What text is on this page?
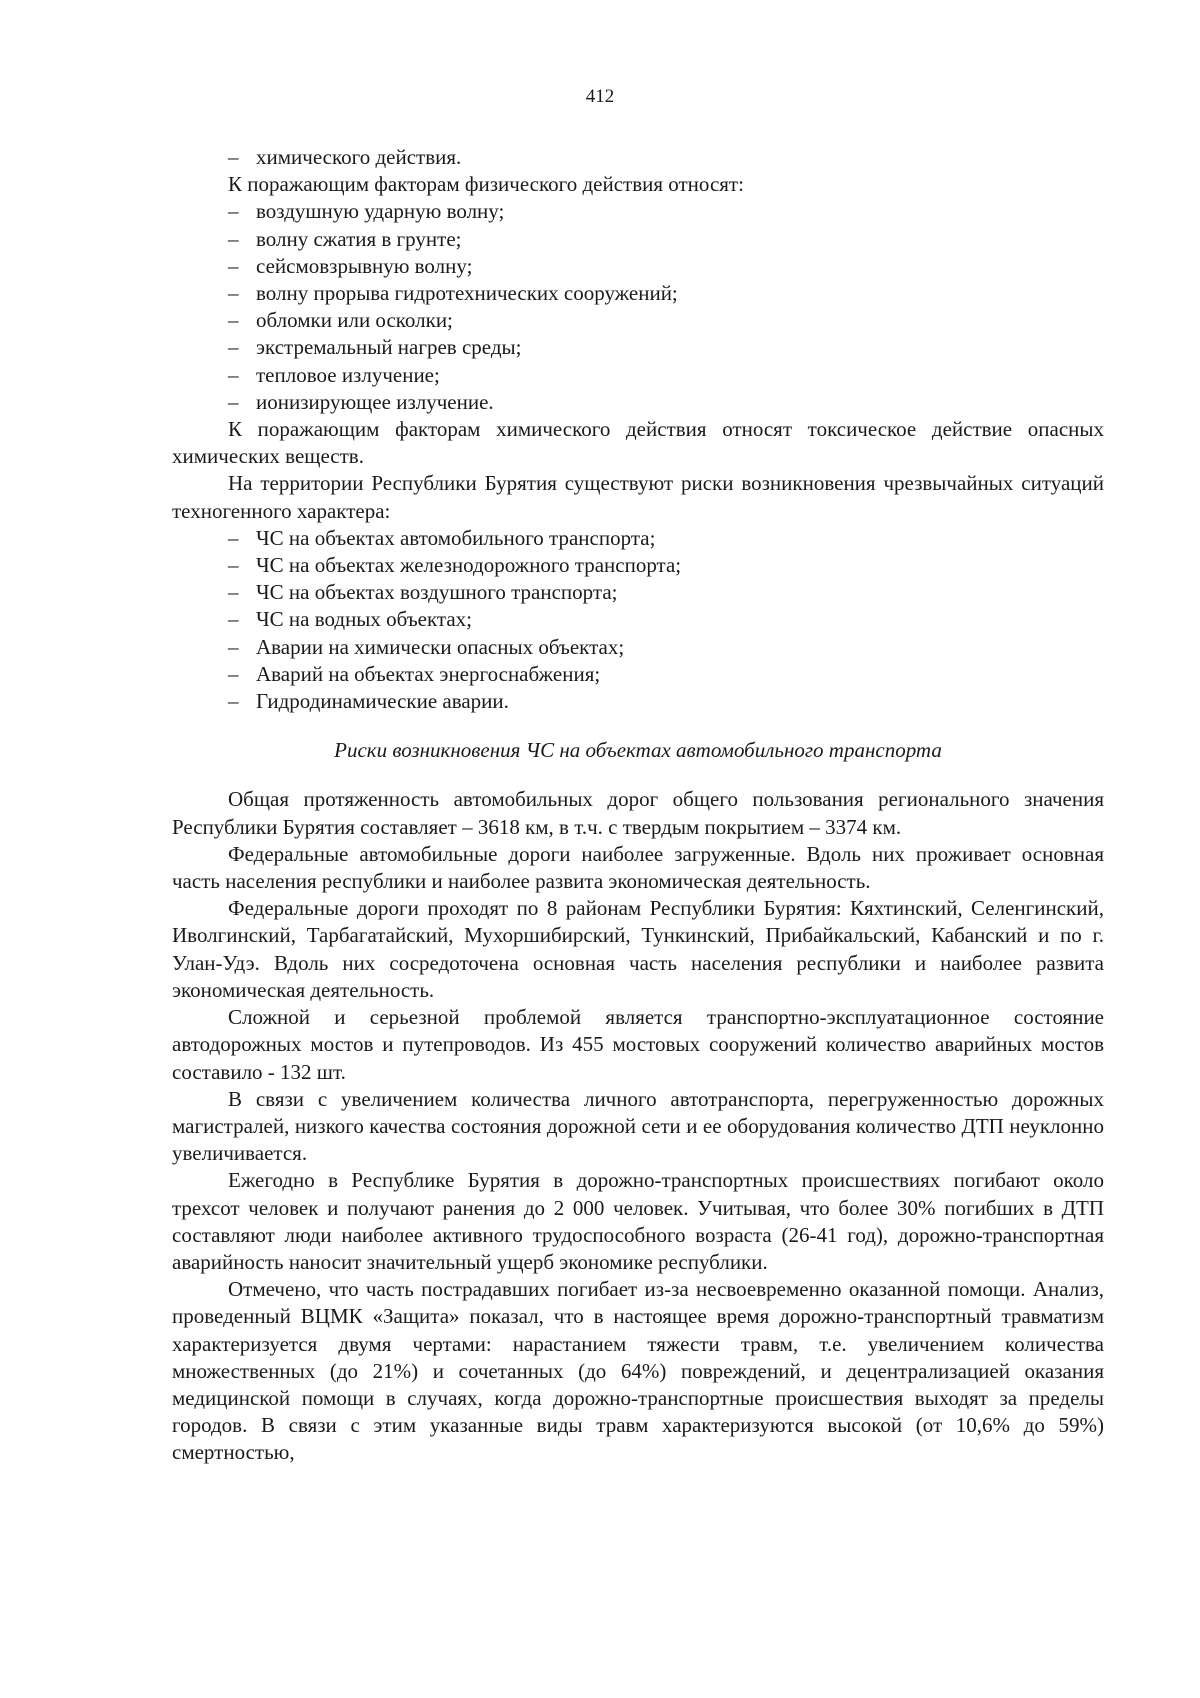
412
– химического действия.

К поражающим факторам физического действия относят:

– воздушную ударную волну;
– волну сжатия в грунте;
– сейсмовзрывную волну;
– волну прорыва гидротехнических сооружений;
– обломки или осколки;
– экстремальный нагрев среды;
– тепловое излучение;
– ионизирующее излучение.

К поражающим факторам химического действия относят токсическое действие опасных химических веществ.

На территории Республики Бурятия существуют риски возникновения чрезвычайных ситуаций техногенного характера:

– ЧС на объектах автомобильного транспорта;
– ЧС на объектах железнодорожного транспорта;
– ЧС на объектах воздушного транспорта;
– ЧС на водных объектах;
– Аварии на химически опасных объектах;
– Аварий на объектах энергоснабжения;
– Гидродинамические аварии.
Риски возникновения ЧС на объектах автомобильного транспорта

Общая протяженность автомобильных дорог общего пользования регионального значения Республики Бурятия составляет – 3618 км, в т.ч. с твердым покрытием – 3374 км.

Федеральные автомобильные дороги наиболее загруженные. Вдоль них проживает основная часть населения республики и наиболее развита экономическая деятельность.

Федеральные дороги проходят по 8 районам Республики Бурятия: Кяхтинский, Селенгинский, Иволгинский, Тарбагатайский, Мухоршибирский, Тункинский, Прибайкальский, Кабанский и по г. Улан-Удэ. Вдоль них сосредоточена основная часть населения республики и наиболее развита экономическая деятельность.

Сложной и серьезной проблемой является транспортно-эксплуатационное состояние автодорожных мостов и путепроводов. Из 455 мостовых сооружений количество аварийных мостов составило - 132 шт.

В связи с увеличением количества личного автотранспорта, перегруженностью дорожных магистралей, низкого качества состояния дорожной сети и ее оборудования количество ДТП неуклонно увеличивается.

Ежегодно в Республике Бурятия в дорожно-транспортных происшествиях погибают около трехсот человек и получают ранения до 2 000 человек. Учитывая, что более 30% погибших в ДТП составляют люди наиболее активного трудоспособного возраста (26-41 год), дорожно-транспортная аварийность наносит значительный ущерб экономике республики.

Отмечено, что часть пострадавших погибает из-за несвоевременно оказанной помощи. Анализ, проведенный ВЦМК «Защита» показал, что в настоящее время дорожно-транспортный травматизм характеризуется двумя чертами: нарастанием тяжести травм, т.е. увеличением количества множественных (до 21%) и сочетанных (до 64%) повреждений, и децентрализацией оказания медицинской помощи в случаях, когда дорожно-транспортные происшествия выходят за пределы городов. В связи с этим указанные виды травм характеризуются высокой (от 10,6% до 59%) смертностью,
